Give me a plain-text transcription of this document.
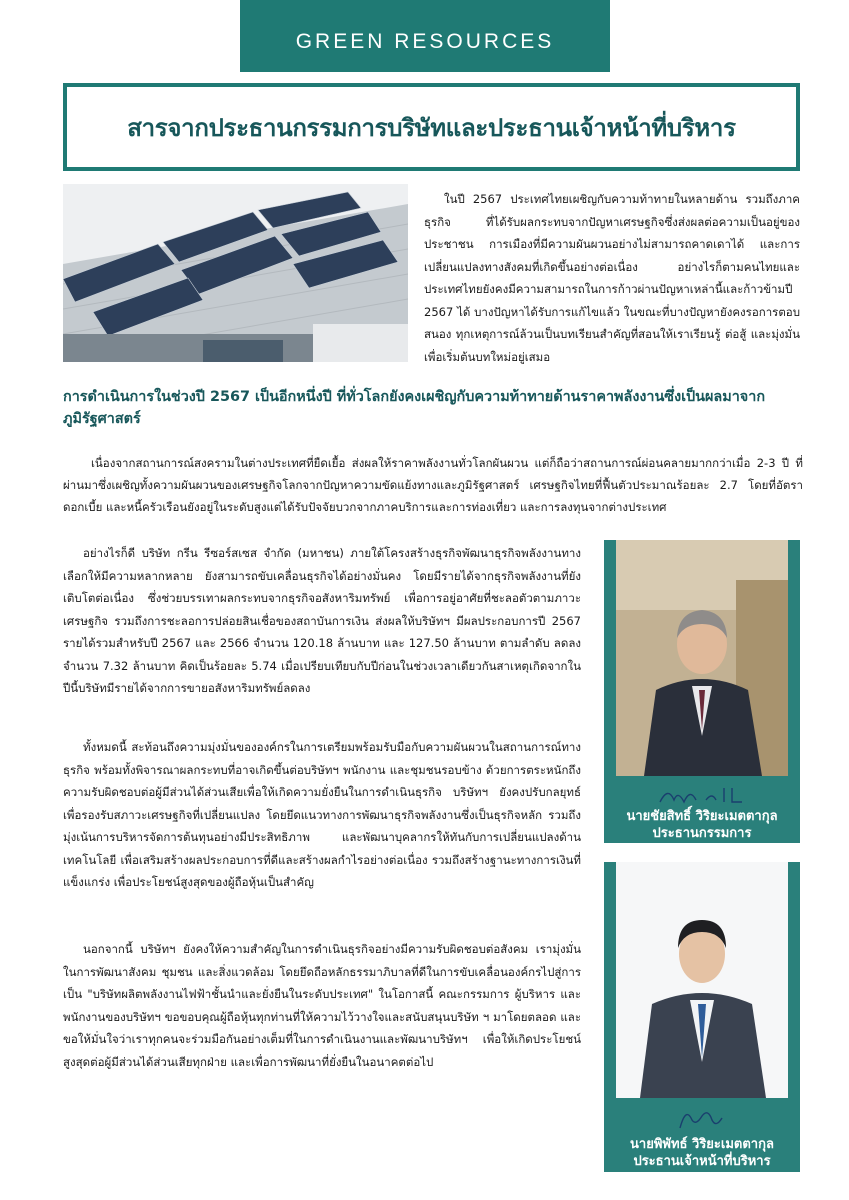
GREEN RESOURCES
สารจากประธานกรรมการบริษัทและประธานเจ้าหน้าที่บริหาร

ในปี 2567 ประเทศไทยเผชิญกับความท้าทายในหลายด้าน รวมถึงภาคธุรกิจ ที่ได้รับผลกระทบจากปัญหาเศรษฐกิจซึ่งส่งผลต่อความเป็นอยู่ของประชาชน การเมืองที่มีความผันผวนอย่างไม่สามารถคาดเดาได้ และการเปลี่ยนแปลงทางสังคมที่เกิดขึ้นอย่างต่อเนื่อง อย่างไรก็ตามคนไทยและประเทศไทยยังคงมีความสามารถในการก้าวผ่านปัญหาเหล่านี้และก้าวข้ามปี 2567 ได้ บางปัญหาได้รับการแก้ไขแล้ว ในขณะที่บางปัญหายังคงรอการตอบสนอง ทุกเหตุการณ์ล้วนเป็นบทเรียนสำคัญที่สอนให้เราเรียนรู้ ต่อสู้ และมุ่งมั่นเพื่อเริ่มต้นบทใหม่อยู่เสมอ

การดำเนินการในช่วงปี 2567 เป็นอีกหนึ่งปี ที่ทั่วโลกยังคงเผชิญกับความท้าทายด้านราคาพลังงานซึ่งเป็นผลมาจากภูมิรัฐศาสตร์

เนื่องจากสถานการณ์สงครามในต่างประเทศที่ยืดเยื้อ ส่งผลให้ราคาพลังงานทั่วโลกผันผวน แต่ก็ถือว่าสถานการณ์ผ่อนคลายมากกว่าเมื่อ 2-3 ปี ที่ผ่านมาซึ่งเผชิญทั้งความผันผวนของเศรษฐกิจโลกจากปัญหาความขัดแย้งทางและภูมิรัฐศาสตร์ เศรษฐกิจไทยที่ฟื้นตัวประมาณร้อยละ 2.7 โดยที่อัตราดอกเบี้ย และหนี้ครัวเรือนยังอยู่ในระดับสูงแต่ได้รับปัจจัยบวกจากภาคบริการและการท่องเที่ยว และการลงทุนจากต่างประเทศ

อย่างไรก็ดี บริษัท กรีน รีซอร์สเซส จำกัด (มหาชน) ภายใต้โครงสร้างธุรกิจพัฒนาธุรกิจพลังงานทางเลือกให้มีความหลากหลาย ยังสามารถขับเคลื่อนธุรกิจได้อย่างมั่นคง โดยมีรายได้จากธุรกิจพลังงานที่ยังเติบโตต่อเนื่อง ซึ่งช่วยบรรเทาผลกระทบจากธุรกิจอสังหาริมทรัพย์ เพื่อการอยู่อาศัยที่ชะลอตัวตามภาวะเศรษฐกิจ รวมถึงการชะลอการปล่อยสินเชื่อของสถาบันการเงิน ส่งผลให้บริษัทฯ มีผลประกอบการปี 2567 รายได้รวมสำหรับปี 2567 และ 2566 จำนวน 120.18 ล้านบาท และ 127.50 ล้านบาท ตามลำดับ ลดลง จำนวน 7.32 ล้านบาท คิดเป็นร้อยละ 5.74 เมื่อเปรียบเทียบกับปีก่อนในช่วงเวลาเดียวกันสาเหตุเกิดจากในปีนี้บริษัทมีรายได้จากการขายอสังหาริมทรัพย์ลดลง

ทั้งหมดนี้ สะท้อนถึงความมุ่งมั่นขององค์กรในการเตรียมพร้อมรับมือกับความผันผวนในสถานการณ์ทางธุรกิจ พร้อมทั้งพิจารณาผลกระทบที่อาจเกิดขึ้นต่อบริษัทฯ พนักงาน และชุมชนรอบข้าง ด้วยการตระหนักถึงความรับผิดชอบต่อผู้มีส่วนได้ส่วนเสียเพื่อให้เกิดความยั่งยืนในการดำเนินธุรกิจ บริษัทฯ ยังคงปรับกลยุทธ์เพื่อรองรับสภาวะเศรษฐกิจที่เปลี่ยนแปลง โดยยึดแนวทางการพัฒนาธุรกิจพลังงานซึ่งเป็นธุรกิจหลัก รวมถึงมุ่งเน้นการบริหารจัดการต้นทุนอย่างมีประสิทธิภาพ และพัฒนาบุคลากรให้ทันกับการเปลี่ยนแปลงด้านเทคโนโลยี เพื่อเสริมสร้างผลประกอบการที่ดีและสร้างผลกำไรอย่างต่อเนื่อง รวมถึงสร้างฐานะทางการเงินที่แข็งแกร่ง เพื่อประโยชน์สูงสุดของผู้ถือหุ้นเป็นสำคัญ

นอกจากนี้ บริษัทฯ ยังคงให้ความสำคัญในการดำเนินธุรกิจอย่างมีความรับผิดชอบต่อสังคม เรามุ่งมั่นในการพัฒนาสังคม ชุมชน และสิ่งแวดล้อม โดยยึดถือหลักธรรมาภิบาลที่ดีในการขับเคลื่อนองค์กรไปสู่การเป็น "บริษัทผลิตพลังงานไฟฟ้าชั้นนำและยั่งยืนในระดับประเทศ" ในโอกาสนี้ คณะกรรมการ ผู้บริหาร และพนักงานของบริษัทฯ ขอขอบคุณผู้ถือหุ้นทุกท่านที่ให้ความไว้วางใจและสนับสนุนบริษัท ฯ มาโดยตลอด และขอให้มั่นใจว่าเราทุกคนจะร่วมมือกันอย่างเต็มที่ในการดำเนินงานและพัฒนาบริษัทฯ เพื่อให้เกิดประโยชน์สูงสุดต่อผู้มีส่วนได้ส่วนเสียทุกฝ่าย และเพื่อการพัฒนาที่ยั่งยืนในอนาคตต่อไป

นายชัยสิทธิ์ วิริยะเมตตากุล
ประธานกรรมการ
นายพิพัทธ์ วิริยะเมตตากุล
ประธานเจ้าหน้าที่บริหาร
